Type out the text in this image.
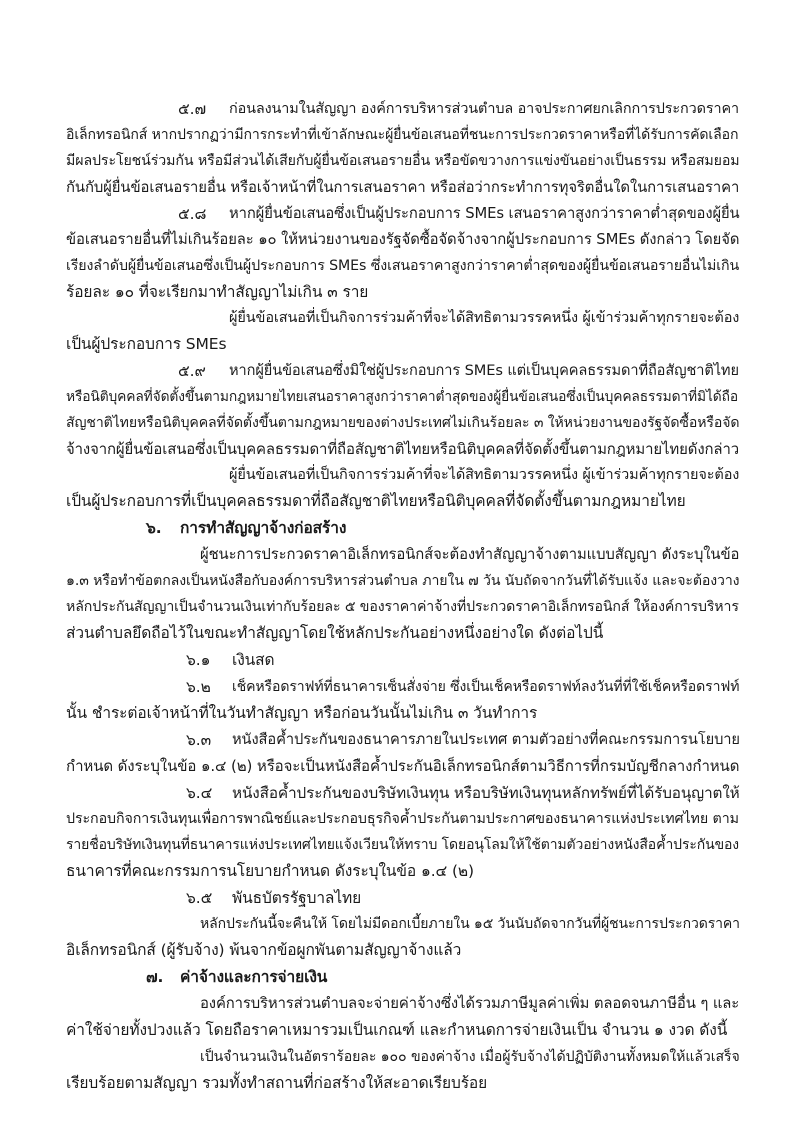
๕.๗ ก่อนลงนามในสัญญา องค์การบริหารส่วนตำบล อาจประกาศยกเลิกการประกวดราคา
อิเล็กทรอนิกส์ หากปรากฏว่ามีการกระทำที่เข้าลักษณะผู้ยื่นข้อเสนอที่ชนะการประกวดราคาหรือที่ได้รับการคัดเลือก
มีผลประโยชน์ร่วมกัน หรือมีส่วนได้เสียกับผู้ยื่นข้อเสนอรายอื่น หรือขัดขวางการแข่งขันอย่างเป็นธรรม หรือสมยอม
กันกับผู้ยื่นข้อเสนอรายอื่น หรือเจ้าหน้าที่ในการเสนอราคา หรือส่อว่ากระทำการทุจริตอื่นใดในการเสนอราคา
๕.๘ หากผู้ยื่นข้อเสนอซึ่งเป็นผู้ประกอบการ SMEs เสนอราคาสูงกว่าราคาต่ำสุดของผู้ยื่น
ข้อเสนอรายอื่นที่ไม่เกินร้อยละ ๑๐ ให้หน่วยงานของรัฐจัดซื้อจัดจ้างจากผู้ประกอบการ SMEs ดังกล่าว โดยจัด
เรียงลำดับผู้ยื่นข้อเสนอซึ่งเป็นผู้ประกอบการ SMEs ซึ่งเสนอราคาสูงกว่าราคาต่ำสุดของผู้ยื่นข้อเสนอรายอื่นไม่เกิน
ร้อยละ ๑๐ ที่จะเรียกมาทำสัญญาไม่เกิน ๓ ราย
ผู้ยื่นข้อเสนอที่เป็นกิจการร่วมค้าที่จะได้สิทธิตามวรรคหนึ่ง ผู้เข้าร่วมค้าทุกรายจะต้อง
เป็นผู้ประกอบการ SMEs
๕.๙ หากผู้ยื่นข้อเสนอซึ่งมิใช่ผู้ประกอบการ SMEs แต่เป็นบุคคลธรรมดาที่ถือสัญชาติไทย
หรือนิติบุคคลที่จัดตั้งขึ้นตามกฎหมายไทยเสนอราคาสูงกว่าราคาต่ำสุดของผู้ยื่นข้อเสนอซึ่งเป็นบุคคลธรรมดาที่มิได้ถือ
สัญชาติไทยหรือนิติบุคคลที่จัดตั้งขึ้นตามกฎหมายของต่างประเทศไม่เกินร้อยละ ๓ ให้หน่วยงานของรัฐจัดซื้อหรือจัด
จ้างจากผู้ยื่นข้อเสนอซึ่งเป็นบุคคลธรรมดาที่ถือสัญชาติไทยหรือนิติบุคคลที่จัดตั้งขึ้นตามกฎหมายไทยดังกล่าว
ผู้ยื่นข้อเสนอที่เป็นกิจการร่วมค้าที่จะได้สิทธิตามวรรคหนึ่ง ผู้เข้าร่วมค้าทุกรายจะต้อง
เป็นผู้ประกอบการที่เป็นบุคคลธรรมดาที่ถือสัญชาติไทยหรือนิติบุคคลที่จัดตั้งขึ้นตามกฎหมายไทย
๖. การทำสัญญาจ้างก่อสร้าง
ผู้ชนะการประกวดราคาอิเล็กทรอนิกส์จะต้องทำสัญญาจ้างตามแบบสัญญา ดังระบุในข้อ
๑.๓ หรือทำข้อตกลงเป็นหนังสือกับองค์การบริหารส่วนตำบล ภายใน ๗ วัน นับถัดจากวันที่ได้รับแจ้ง และจะต้องวาง
หลักประกันสัญญาเป็นจำนวนเงินเท่ากับร้อยละ ๕ ของราคาค่าจ้างที่ประกวดราคาอิเล็กทรอนิกส์ ให้องค์การบริหาร
ส่วนตำบลยึดถือไว้ในขณะทำสัญญาโดยใช้หลักประกันอย่างหนึ่งอย่างใด ดังต่อไปนี้
๖.๑ เงินสด
๖.๒ เช็คหรือดราฟท์ที่ธนาคารเซ็นสั่งจ่าย ซึ่งเป็นเช็คหรือดราฟท์ลงวันที่ที่ใช้เช็คหรือดราฟท์
นั้น ชำระต่อเจ้าหน้าที่ในวันทำสัญญา หรือก่อนวันนั้นไม่เกิน ๓ วันทำการ
๖.๓ หนังสือค้ำประกันของธนาคารภายในประเทศ ตามตัวอย่างที่คณะกรรมการนโยบาย
กำหนด ดังระบุในข้อ ๑.๔ (๒) หรือจะเป็นหนังสือค้ำประกันอิเล็กทรอนิกส์ตามวิธีการที่กรมบัญชีกลางกำหนด
๖.๔ หนังสือค้ำประกันของบริษัทเงินทุน หรือบริษัทเงินทุนหลักทรัพย์ที่ได้รับอนุญาตให้
ประกอบกิจการเงินทุนเพื่อการพาณิชย์และประกอบธุรกิจค้ำประกันตามประกาศของธนาคารแห่งประเทศไทย ตาม
รายชื่อบริษัทเงินทุนที่ธนาคารแห่งประเทศไทยแจ้งเวียนให้ทราบ โดยอนุโลมให้ใช้ตามตัวอย่างหนังสือค้ำประกันของ
ธนาคารที่คณะกรรมการนโยบายกำหนด ดังระบุในข้อ ๑.๔ (๒)
๖.๕ พันธบัตรรัฐบาลไทย
หลักประกันนี้จะคืนให้ โดยไม่มีดอกเบี้ยภายใน ๑๕ วันนับถัดจากวันที่ผู้ชนะการประกวดราคา
อิเล็กทรอนิกส์ (ผู้รับจ้าง) พ้นจากข้อผูกพันตามสัญญาจ้างแล้ว
๗. ค่าจ้างและการจ่ายเงิน
องค์การบริหารส่วนตำบลจะจ่ายค่าจ้างซึ่งได้รวมภาษีมูลค่าเพิ่ม ตลอดจนภาษีอื่น ๆ และ
ค่าใช้จ่ายทั้งปวงแล้ว โดยถือราคาเหมารวมเป็นเกณฑ์ และกำหนดการจ่ายเงินเป็น จำนวน ๑ งวด ดังนี้
เป็นจำนวนเงินในอัตราร้อยละ ๑๐๐ ของค่าจ้าง เมื่อผู้รับจ้างได้ปฏิบัติงานทั้งหมดให้แล้วเสร็จ
เรียบร้อยตามสัญญา รวมทั้งทำสถานที่ก่อสร้างให้สะอาดเรียบร้อย
